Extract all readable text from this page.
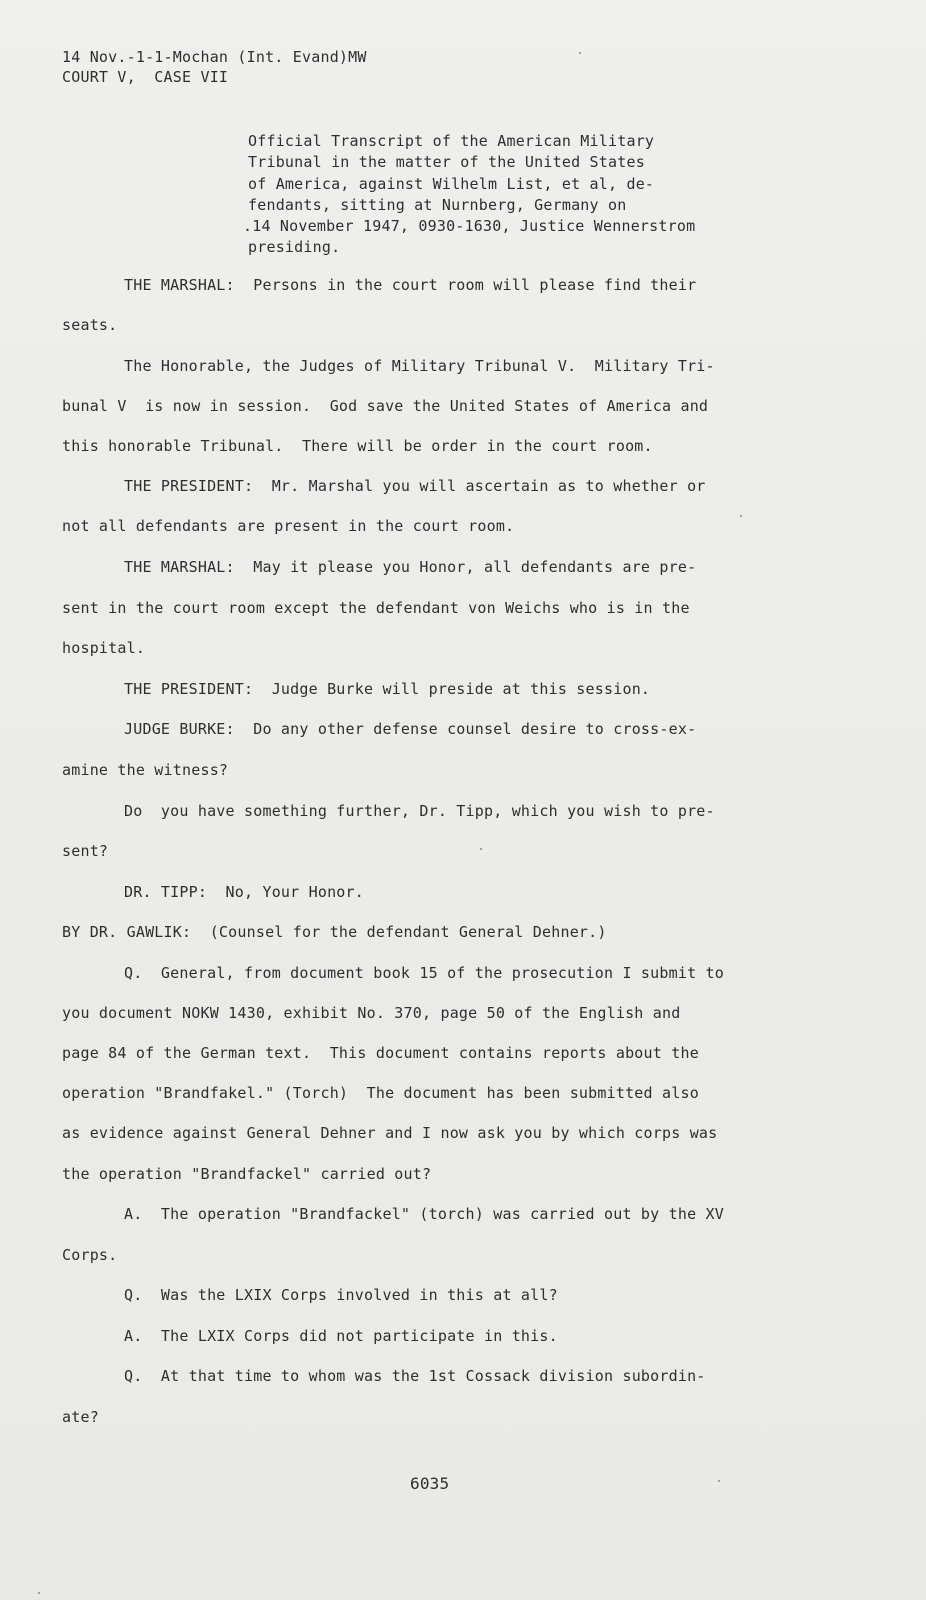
14 Nov.-1-1-Mochan (Int. Evand)MW
COURT V,  CASE VII
Official Transcript of the American Military
Tribunal in the matter of the United States
of America, against Wilhelm List, et al, de-
fendants, sitting at Nurnberg, Germany on
.14 November 1947, 0930-1630, Justice Wennerstrom
presiding.
THE MARSHAL:  Persons in the court room will please find their
seats.
The Honorable, the Judges of Military Tribunal V.  Military Tri-
bunal V  is now in session.  God save the United States of America and
this honorable Tribunal.  There will be order in the court room.
THE PRESIDENT:  Mr. Marshal you will ascertain as to whether or
not all defendants are present in the court room.
THE MARSHAL:  May it please you Honor, all defendants are pre-
sent in the court room except the defendant von Weichs who is in the
hospital.
THE PRESIDENT:  Judge Burke will preside at this session.
JUDGE BURKE:  Do any other defense counsel desire to cross-ex-
amine the witness?
Do  you have something further, Dr. Tipp, which you wish to pre-
sent?
DR. TIPP:  No, Your Honor.
BY DR. GAWLIK:  (Counsel for the defendant General Dehner.)
Q.  General, from document book 15 of the prosecution I submit to
you document NOKW 1430, exhibit No. 370, page 50 of the English and
page 84 of the German text.  This document contains reports about the
operation "Brandfakel." (Torch)  The document has been submitted also
as evidence against General Dehner and I now ask you by which corps was
the operation "Brandfackel" carried out?
A.  The operation "Brandfackel" (torch) was carried out by the XV
Corps.
Q.  Was the LXIX Corps involved in this at all?
A.  The LXIX Corps did not participate in this.
Q.  At that time to whom was the 1st Cossack division subordin-
ate?
6035
